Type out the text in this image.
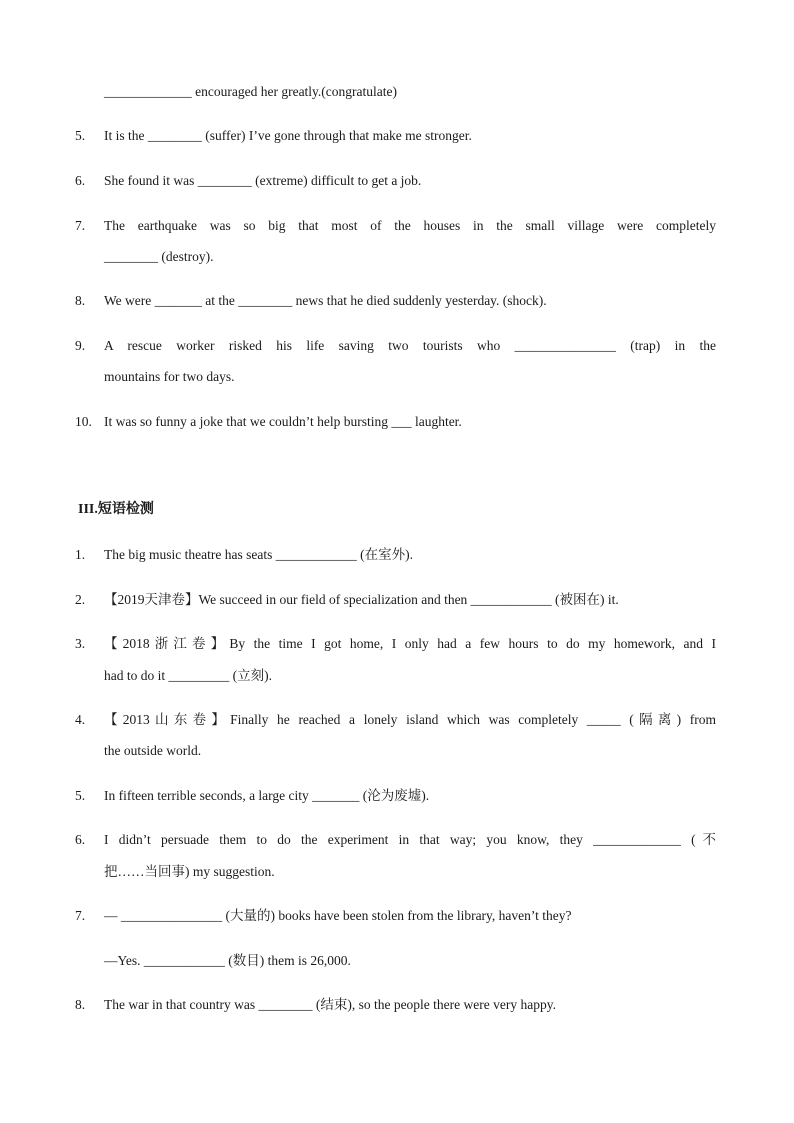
_____________ encouraged her greatly.(congratulate)
5.	It is the ________ (suffer) I’ve gone through that make me stronger.
6.	She found it was ________ (extreme) difficult to get a job.
7.	The earthquake was so big that most of the houses in the small village were completely
________ (destroy).
8.	We were _______ at the ________ news that he died suddenly yesterday. (shock).
9.	A rescue worker risked his life saving two tourists who _______________ (trap) in the
mountains for two days.
10. It was so funny a joke that we couldn’t help bursting ___ laughter.
III.短语检测
1.	The big music theatre has seats ____________ (在室外).
2.	【2019天津卷】We succeed in our field of specialization and then ____________ (被困在) it.
3.	【2018浙江卷】By the time I got home, I only had a few hours to do my homework, and I
had to do it _________ (立刻).
4.	【2013山东卷】Finally he reached a lonely island which was completely _____ (隔离) from
the outside world.
5.	In fifteen terrible seconds, a large city _______ (沦为废墟).
6.	I didn’t persuade them to do the experiment in that way; you know, they _____________ (不
把……当回事) my suggestion.
7.	— _______________ (大量的) books have been stolen from the library, haven’t they?
—Yes. ____________ (数目) them is 26,000.
8.	The war in that country was ________ (结束), so the people there were very happy.
